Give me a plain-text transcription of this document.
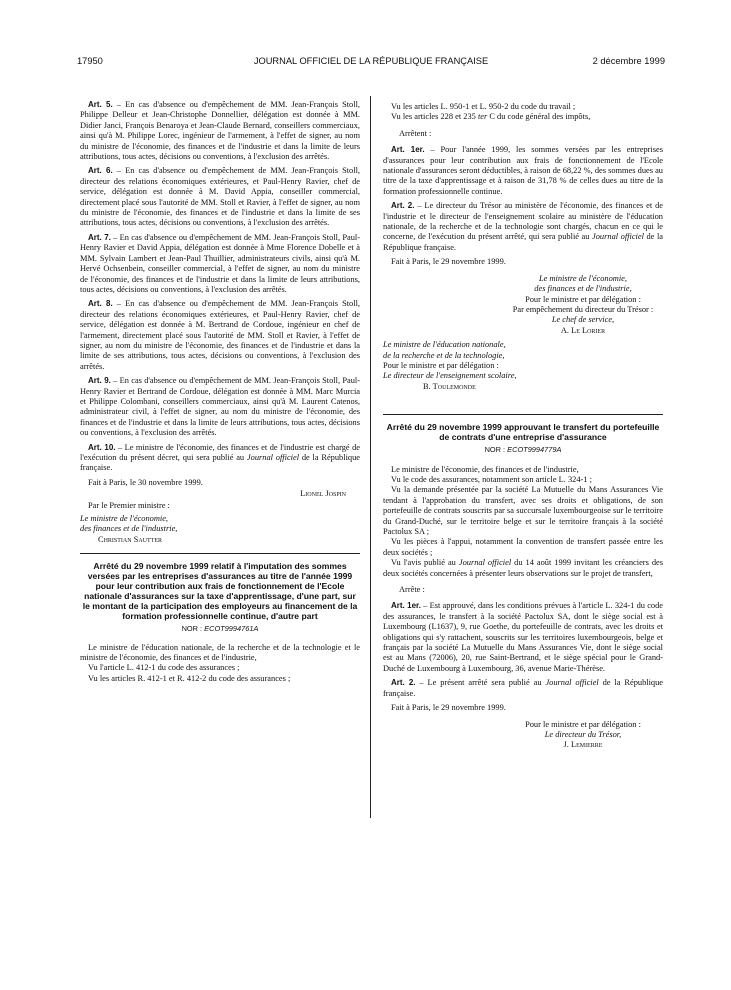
17950	JOURNAL OFFICIEL DE LA RÉPUBLIQUE FRANÇAISE	2 décembre 1999

Art. 5. – En cas d'absence ou d'empêchement de MM. Jean-François Stoll, Philippe Delleur et Jean-Christophe Donnellier, délégation est donnée à MM. Didier Janci, François Benaroya et Jean-Claude Bernard, conseillers commerciaux, ainsi qu'à M. Philippe Lorec, ingénieur de l'armement, à l'effet de signer, au nom du ministre de l'économie, des finances et de l'industrie et dans la limite de leurs attributions, tous actes, décisions ou conventions, à l'exclusion des arrêtés.

Art. 6. – En cas d'absence ou d'empêchement de MM. Jean-François Stoll, directeur des relations économiques extérieures, et Paul-Henry Ravier, chef de service, délégation est donnée à M. David Appia, conseiller commercial, directement placé sous l'autorité de MM. Stoll et Ravier, à l'effet de signer, au nom du ministre de l'économie, des finances et de l'industrie et dans la limite de ses attributions, tous actes, décisions ou conventions, à l'exclusion des arrêtés.

Art. 7. – En cas d'absence ou d'empêchement de MM. Jean-François Stoll, Paul-Henry Ravier et David Appia, délégation est donnée à Mme Florence Dobelle et à MM. Sylvain Lambert et Jean-Paul Thuillier, administrateurs civils, ainsi qu'à M. Hervé Ochsenbein, conseiller commercial, à l'effet de signer, au nom du ministre de l'économie, des finances et de l'industrie et dans la limite de leurs attributions, tous actes, décisions ou conventions, à l'exclusion des arrêtés.

Art. 8. – En cas d'absence ou d'empêchement de MM. Jean-François Stoll, directeur des relations économiques extérieures, et Paul-Henry Ravier, chef de service, délégation est donnée à M. Bertrand de Cordoue, ingénieur en chef de l'armement, directement placé sous l'autorité de MM. Stoll et Ravier, à l'effet de signer, au nom du ministre de l'économie, des finances et de l'industrie et dans la limite de ses attributions, tous actes, décisions ou conventions, à l'exclusion des arrêtés.

Art. 9. – En cas d'absence ou d'empêchement de MM. Jean-François Stoll, Paul-Henry Ravier et Bertrand de Cordoue, délégation est donnée à MM. Marc Murcia et Philippe Colombani, conseillers commerciaux, ainsi qu'à M. Laurent Catenos, administrateur civil, à l'effet de signer, au nom du ministre de l'économie, des finances et de l'industrie et dans la limite de leurs attributions, tous actes, décisions ou conventions, à l'exclusion des arrêtés.

Art. 10. – Le ministre de l'économie, des finances et de l'industrie est chargé de l'exécution du présent décret, qui sera publié au Journal officiel de la République française.

Fait à Paris, le 30 novembre 1999.

Lionel Jospin

Par le Premier ministre :

Le ministre de l'économie,

des finances et de l'industrie,

Christian Sautter

Arrêté du 29 novembre 1999 relatif à l'imputation des sommes versées par les entreprises d'assurances au titre de l'année 1999 pour leur contribution aux frais de fonctionnement de l'Ecole nationale d'assurances sur la taxe d'apprentissage, d'une part, sur le montant de la participation des employeurs au financement de la formation professionnelle continue, d'autre part

NOR : ECOT9994761A

Le ministre de l'éducation nationale, de la recherche et de la technologie et le ministre de l'économie, des finances et de l'industrie,

Vu l'article L. 412-1 du code des assurances ;

Vu les articles R. 412-1 et R. 412-2 du code des assurances ;

Vu les articles L. 950-1 et L. 950-2 du code du travail ;

Vu les articles 228 et 235 ter C du code général des impôts,

Arrêtent :

Art. 1er. – Pour l'année 1999, les sommes versées par les entreprises d'assurances pour leur contribution aux frais de fonctionnement de l'Ecole nationale d'assurances seront déductibles, à raison de 68,22 %, des sommes dues au titre de la taxe d'apprentissage et à raison de 31,78 % de celles dues au titre de la formation professionnelle continue.

Art. 2. – Le directeur du Trésor au ministère de l'économie, des finances et de l'industrie et le directeur de l'enseignement scolaire au ministère de l'éducation nationale, de la recherche et de la technologie sont chargés, chacun en ce qui le concerne, de l'exécution du présent arrêté, qui sera publié au Journal officiel de la République française.

Fait à Paris, le 29 novembre 1999.

Le ministre de l'économie,

des finances et de l'industrie,

Pour le ministre et par délégation :

Par empêchement du directeur du Trésor :

Le chef de service,

A. Le Lorier

Le ministre de l'éducation nationale,

de la recherche et de la technologie,

Pour le ministre et par délégation :

Le directeur de l'enseignement scolaire,

B. Toulemonde

Arrêté du 29 novembre 1999 approuvant le transfert du portefeuille de contrats d'une entreprise d'assurance

NOR : ECOT9994779A

Le ministre de l'économie, des finances et de l'industrie,

Vu le code des assurances, notamment son article L. 324-1 ;

Vu la demande présentée par la société La Mutuelle du Mans Assurances Vie tendant à l'approbation du transfert, avec ses droits et obligations, de son portefeuille de contrats souscrits par sa succursale luxembourgeoise sur le territoire du Grand-Duché, sur le territoire belge et sur le territoire français à la société Pactolux SA ;

Vu les pièces à l'appui, notamment la convention de transfert passée entre les deux sociétés ;

Vu l'avis publié au Journal officiel du 14 août 1999 invitant les créanciers des deux sociétés concernées à présenter leurs observations sur le projet de transfert,

Arrête :

Art. 1er. – Est approuvé, dans les conditions prévues à l'article L. 324-1 du code des assurances, le transfert à la société Pactolux SA, dont le siège social est à Luxembourg (L1637), 9, rue Goethe, du portefeuille de contrats, avec les droits et obligations qui s'y rattachent, souscrits sur les territoires luxembourgeois, belge et français par la société La Mutuelle du Mans Assurances Vie, dont le siège social est au Mans (72006), 20, rue Saint-Bertrand, et le siège spécial pour le Grand-Duché de Luxembourg à Luxembourg, 36, avenue Marie-Thérèse.

Art. 2. – Le présent arrêté sera publié au Journal officiel de la République française.

Fait à Paris, le 29 novembre 1999.

Pour le ministre et par délégation :

Le directeur du Trésor,

J. Lemierre
